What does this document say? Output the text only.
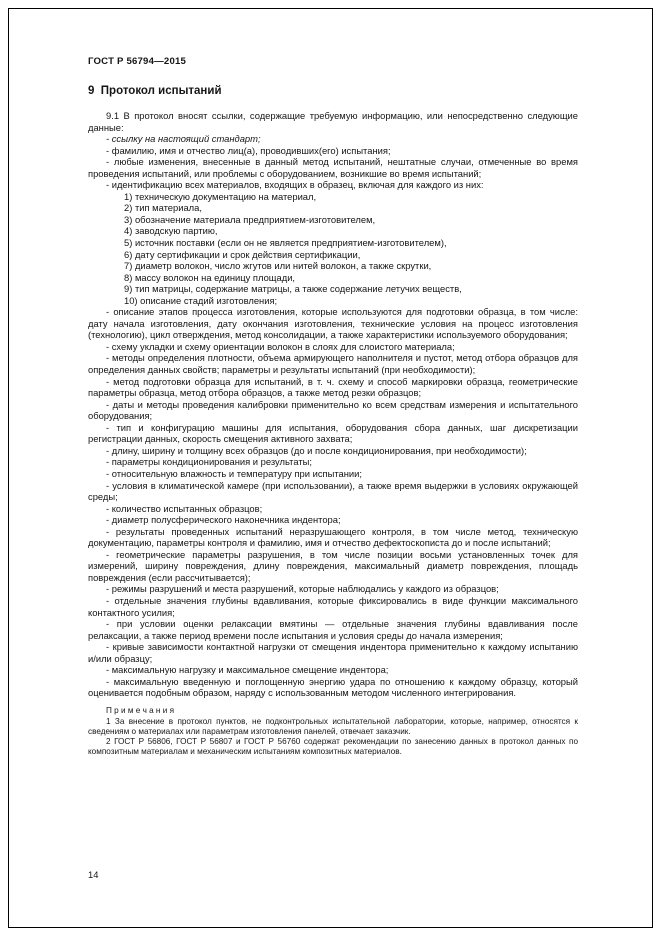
ГОСТ Р 56794—2015
9  Протокол испытаний
9.1 В протокол вносят ссылки, содержащие требуемую информацию, или непосредственно следующие данные:
- ссылку на настоящий стандарт;
- фамилию, имя и отчество лиц(а), проводивших(его) испытания;
- любые изменения, внесенные в данный метод испытаний, нештатные случаи, отмеченные во время проведения испытаний, или проблемы с оборудованием, возникшие во время испытаний;
- идентификацию всех материалов, входящих в образец, включая для каждого из них:
1) техническую документацию на материал,
2) тип материала,
3) обозначение материала предприятием-изготовителем,
4) заводскую партию,
5) источник поставки (если он не является предприятием-изготовителем),
6) дату сертификации и срок действия сертификации,
7) диаметр волокон, число жгутов или нитей волокон, а также скрутки,
8) массу волокон на единицу площади,
9) тип матрицы, содержание матрицы, а также содержание летучих веществ,
10) описание стадий изготовления;
- описание этапов процесса изготовления, которые используются для подготовки образца, в том числе: дату начала изготовления, дату окончания изготовления, технические условия на процесс изготовления (технологию), цикл отверждения, метод консолидации, а также характеристики используемого оборудования;
- схему укладки и схему ориентации волокон в слоях для слоистого материала;
- методы определения плотности, объема армирующего наполнителя и пустот, метод отбора образцов для определения данных свойств; параметры и результаты испытаний (при необходимости);
- метод подготовки образца для испытаний, в т. ч. схему и способ маркировки образца, геометрические параметры образца, метод отбора образцов, а также метод резки образцов;
- даты и методы проведения калибровки применительно ко всем средствам измерения и испытательного оборудования;
- тип и конфигурацию машины для испытания, оборудования сбора данных, шаг дискретизации регистрации данных, скорость смещения активного захвата;
- длину, ширину и толщину всех образцов (до и после кондиционирования, при необходимости);
- параметры кондиционирования и результаты;
- относительную влажность и температуру при испытании;
- условия в климатической камере (при использовании), а также время выдержки в условиях окружающей среды;
- количество испытанных образцов;
- диаметр полусферического наконечника индентора;
- результаты проведенных испытаний неразрушающего контроля, в том числе метод, техническую документацию, параметры контроля и фамилию, имя и отчество дефектоскописта до и после испытаний;
- геометрические параметры разрушения, в том числе позиции восьми установленных точек для измерений, ширину повреждения, длину повреждения, максимальный диаметр повреждения, площадь повреждения (если рассчитывается);
- режимы разрушений и места разрушений, которые наблюдались у каждого из образцов;
- отдельные значения глубины вдавливания, которые фиксировались в виде функции максимального контактного усилия;
- при условии оценки релаксации вмятины — отдельные значения глубины вдавливания после релаксации, а также период времени после испытания и условия среды до начала измерения;
- кривые зависимости контактной нагрузки от смещения индентора применительно к каждому испытанию и/или образцу;
- максимальную нагрузку и максимальное смещение индентора;
- максимальную введенную и поглощенную энергию удара по отношению к каждому образцу, который оценивается подобным образом, наряду с использованным методом численного интегрирования.
П р и м е ч а н и я
1 За внесение в протокол пунктов, не подконтрольных испытательной лаборатории, которые, например, относятся к сведениям о материалах или параметрам изготовления панелей, отвечает заказчик.
2 ГОСТ Р 56806, ГОСТ Р 56807 и ГОСТ Р 56760 содержат рекомендации по занесению данных в протокол данных по композитным материалам и механическим испытаниям композитных материалов.
14
